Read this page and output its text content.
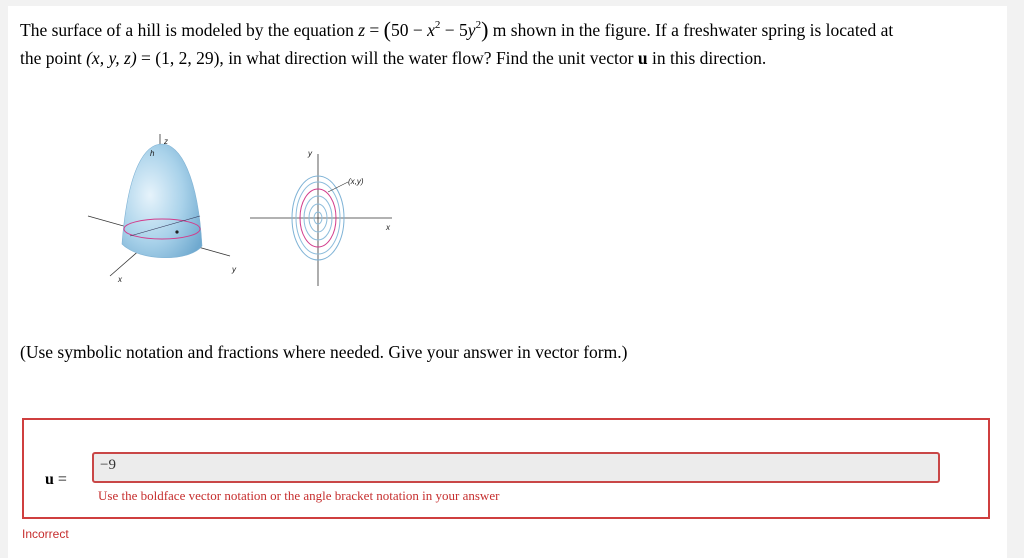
The surface of a hill is modeled by the equation $z = (50 - x^2 - 5y^2)$ m shown in the figure. If a freshwater spring is located at
the point (x, y, z) = (1, 2, 29), in what direction will the water flow? Find the unit vector u in this direction.
h
z
x
y
(x,y)
y
x
(Use symbolic notation and fractions where needed. Give your answer in vector form.)
u =
−9
Use the boldface vector notation or the angle bracket notation in your answer
Incorrect
